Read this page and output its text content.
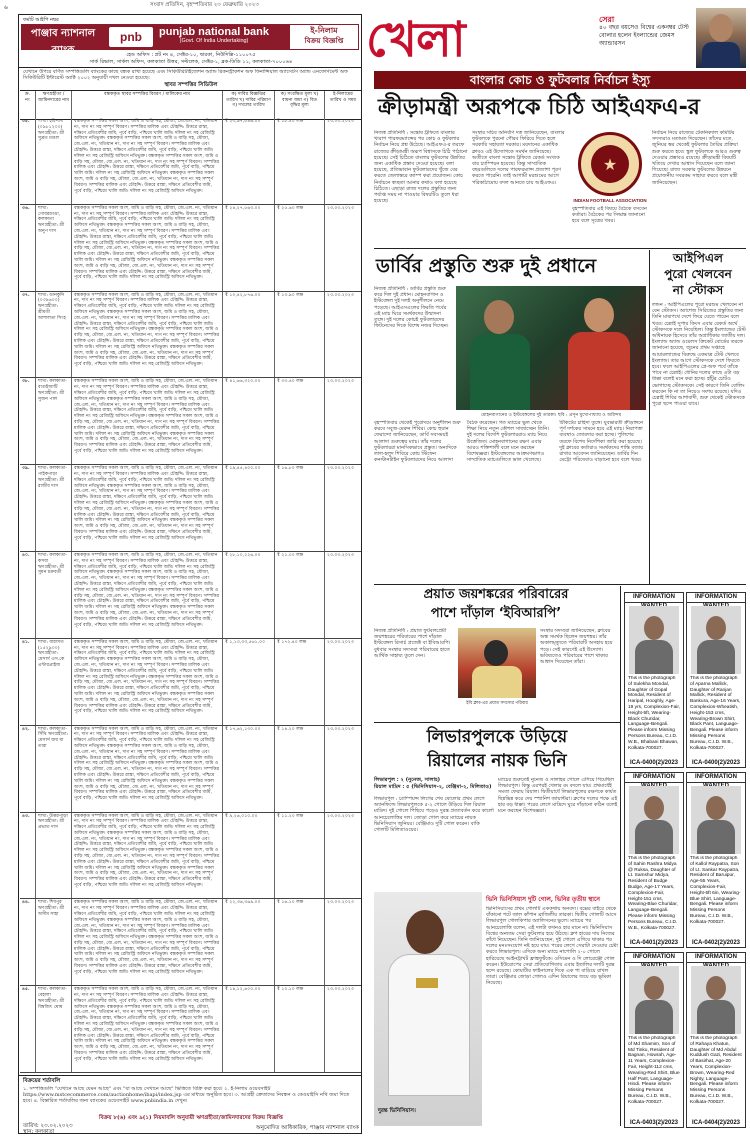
৬	সংবাদ প্রতিদিন, বৃহস্পতিবার ২৩ ফেব্রুয়ারি ২০২৩
ফর্মাট আইপি নম্বর
পাঞ্জাব ন্যাশনাল ব্যাংক
(ভারত সরকার-এর উদ্যোগ)
pnb punjab national bank
(Govt. Of India Undertaking)
ই-নিলাম
বিক্রয় বিজ্ঞপ্তি
হেড অফিস : প্লট নং ৪, সেক্টর-১০, দ্বারকা, নিউদিল্লি-১১০০৭৫
সার্ক রিভাল, সার্কল অফিস, কলকাতা উত্তর, সল্টলেক, সেক্টর-১, ব্লক-ডিডি ১১, কলকাতা-৭০০০৬৪
যেখানে উপরে বর্ণিত সম্পত্তিগুলি ব্যাংকের কাছে বন্ধক রাখা হয়েছে এবং সিকিউরিটাইজেশন অ্যান্ড রিকনস্ট্রাকশন অফ ফিনান্সিয়াল অ্যাসেটস অ্যান্ড এনফোর্সমেন্ট অফ সিকিউরিটি ইন্টারেস্ট অ্যাক্ট ২০০২ অনুযায়ী দখল নেওয়া হয়েছে।
স্থাবর সম্পত্তির সিডিউল
ক্র. নং
ঋণগ্রহীতা / জামিনদারের নাম
বন্ধককৃত স্থাবর সম্পত্তির বিবরণ / মালিকের নাম	ক) দাবির বিজ্ঞপ্তির তারিখ খ) দাবির পরিমাণ গ) দখলের তারিখ
ক) সংরক্ষিত মূল্য খ) বায়না জমা গ) বিড বৃদ্ধির মূল্য
ই-নিলামের তারিখ ও সময়
৩৫.	শাখা: হরিপাল (০৯৮১২০০) ঋণগ্রহীতা: শ্রী সুব্রত মণ্ডল
বন্ধককৃত সম্পত্তির সকল অংশ, জমি ও বাড়ি সহ, মৌজা, জে.এল. নং, খতিয়ান নং, দাগ নং সহ সম্পূর্ণ বিবরণ। সম্পত্তির মালিক এবং চৌহদ্দি: উত্তরে রাস্তা, দক্ষিণে প্রতিবেশীর জমি, পূর্বে বাড়ি, পশ্চিমে খালি জমি। দলিল নং সহ রেজিস্ট্রি অফিসে নথিভুক্ত। বন্ধককৃত সম্পত্তির সকল অংশ, জমি ও বাড়ি সহ, মৌজা, জে.এল. নং, খতিয়ান নং, দাগ নং সহ সম্পূর্ণ বিবরণ। সম্পত্তির মালিক এবং চৌহদ্দি: উত্তরে রাস্তা, দক্ষিণে প্রতিবেশীর জমি, পূর্বে বাড়ি, পশ্চিমে খালি জমি। দলিল নং সহ রেজিস্ট্রি অফিসে নথিভুক্ত। বন্ধককৃত সম্পত্তির সকল অংশ, জমি ও বাড়ি সহ, মৌজা, জে.এল. নং, খতিয়ান নং, দাগ নং সহ সম্পূর্ণ বিবরণ। সম্পত্তির মালিক এবং চৌহদ্দি: উত্তরে রাস্তা, দক্ষিণে প্রতিবেশীর জমি, পূর্বে বাড়ি, পশ্চিমে খালি জমি। দলিল নং সহ রেজিস্ট্রি অফিসে নথিভুক্ত। বন্ধককৃত সম্পত্তির সকল অংশ, জমি ও বাড়ি সহ, মৌজা, জে.এল. নং, খতিয়ান নং, দাগ নং সহ সম্পূর্ণ বিবরণ। সম্পত্তির মালিক এবং চৌহদ্দি: উত্তরে রাস্তা, দক্ষিণে প্রতিবেশীর জমি, পূর্বে বাড়ি, পশ্চিমে খালি জমি। দলিল নং সহ রেজিস্ট্রি অফিসে নথিভুক্ত।
₹ ২৩,৯৭,৫৪৬.০০	₹ ১৮.৫০ লক্ষ	২৩.০৩.২০২৩
৩৬.	শাখা: গোবরডাঙা, কলকাতা ঋণগ্রহীতা: শ্রী অনুপ দাস
বন্ধককৃত সম্পত্তির সকল অংশ, জমি ও বাড়ি সহ, মৌজা, জে.এল. নং, খতিয়ান নং, দাগ নং সহ সম্পূর্ণ বিবরণ। সম্পত্তির মালিক এবং চৌহদ্দি: উত্তরে রাস্তা, দক্ষিণে প্রতিবেশীর জমি, পূর্বে বাড়ি, পশ্চিমে খালি জমি। দলিল নং সহ রেজিস্ট্রি অফিসে নথিভুক্ত। বন্ধককৃত সম্পত্তির সকল অংশ, জমি ও বাড়ি সহ, মৌজা, জে.এল. নং, খতিয়ান নং, দাগ নং সহ সম্পূর্ণ বিবরণ। সম্পত্তির মালিক এবং চৌহদ্দি: উত্তরে রাস্তা, দক্ষিণে প্রতিবেশীর জমি, পূর্বে বাড়ি, পশ্চিমে খালি জমি। দলিল নং সহ রেজিস্ট্রি অফিসে নথিভুক্ত। বন্ধককৃত সম্পত্তির সকল অংশ, জমি ও বাড়ি সহ, মৌজা, জে.এল. নং, খতিয়ান নং, দাগ নং সহ সম্পূর্ণ বিবরণ। সম্পত্তির মালিক এবং চৌহদ্দি: উত্তরে রাস্তা, দক্ষিণে প্রতিবেশীর জমি, পূর্বে বাড়ি, পশ্চিমে খালি জমি। দলিল নং সহ রেজিস্ট্রি অফিসে নথিভুক্ত। বন্ধককৃত সম্পত্তির সকল অংশ, জমি ও বাড়ি সহ, মৌজা, জে.এল. নং, খতিয়ান নং, দাগ নং সহ সম্পূর্ণ বিবরণ। সম্পত্তির মালিক এবং চৌহদ্দি: উত্তরে রাস্তা, দক্ষিণে প্রতিবেশীর জমি, পূর্বে বাড়ি, পশ্চিমে খালি জমি। দলিল নং সহ রেজিস্ট্রি অফিসে নথিভুক্ত।
₹ ২৪,২৭,৫৬৩.০০	₹ ২৫.৬০ লক্ষ	২৩.০৩.২০২৩
৩৭.	শাখা: ডানকুনি (০৩৯৬০০) ঋণগ্রহীতা: শ্রীমতী আশালতা সিংহ
বন্ধককৃত সম্পত্তির সকল অংশ, জমি ও বাড়ি সহ, মৌজা, জে.এল. নং, খতিয়ান নং, দাগ নং সহ সম্পূর্ণ বিবরণ। সম্পত্তির মালিক এবং চৌহদ্দি: উত্তরে রাস্তা, দক্ষিণে প্রতিবেশীর জমি, পূর্বে বাড়ি, পশ্চিমে খালি জমি। দলিল নং সহ রেজিস্ট্রি অফিসে নথিভুক্ত। বন্ধককৃত সম্পত্তির সকল অংশ, জমি ও বাড়ি সহ, মৌজা, জে.এল. নং, খতিয়ান নং, দাগ নং সহ সম্পূর্ণ বিবরণ। সম্পত্তির মালিক এবং চৌহদ্দি: উত্তরে রাস্তা, দক্ষিণে প্রতিবেশীর জমি, পূর্বে বাড়ি, পশ্চিমে খালি জমি। দলিল নং সহ রেজিস্ট্রি অফিসে নথিভুক্ত। বন্ধককৃত সম্পত্তির সকল অংশ, জমি ও বাড়ি সহ, মৌজা, জে.এল. নং, খতিয়ান নং, দাগ নং সহ সম্পূর্ণ বিবরণ। সম্পত্তির মালিক এবং চৌহদ্দি: উত্তরে রাস্তা, দক্ষিণে প্রতিবেশীর জমি, পূর্বে বাড়ি, পশ্চিমে খালি জমি। দলিল নং সহ রেজিস্ট্রি অফিসে নথিভুক্ত। বন্ধককৃত সম্পত্তির সকল অংশ, জমি ও বাড়ি সহ, মৌজা, জে.এল. নং, খতিয়ান নং, দাগ নং সহ সম্পূর্ণ বিবরণ। সম্পত্তির মালিক এবং চৌহদ্দি: উত্তরে রাস্তা, দক্ষিণে প্রতিবেশীর জমি, পূর্বে বাড়ি, পশ্চিমে খালি জমি। দলিল নং সহ রেজিস্ট্রি অফিসে নথিভুক্ত।
₹ ১০,৪২,৮৭৬.০০	₹ ১৩.৯০ লক্ষ	২৩.০৩.২০২৩
৩৮.	শাখা: কলকাতা-বাগুইআটি ঋণগ্রহীতা: শ্রী সুজন পাল
বন্ধককৃত সম্পত্তির সকল অংশ, জমি ও বাড়ি সহ, মৌজা, জে.এল. নং, খতিয়ান নং, দাগ নং সহ সম্পূর্ণ বিবরণ। সম্পত্তির মালিক এবং চৌহদ্দি: উত্তরে রাস্তা, দক্ষিণে প্রতিবেশীর জমি, পূর্বে বাড়ি, পশ্চিমে খালি জমি। দলিল নং সহ রেজিস্ট্রি অফিসে নথিভুক্ত। বন্ধককৃত সম্পত্তির সকল অংশ, জমি ও বাড়ি সহ, মৌজা, জে.এল. নং, খতিয়ান নং, দাগ নং সহ সম্পূর্ণ বিবরণ। সম্পত্তির মালিক এবং চৌহদ্দি: উত্তরে রাস্তা, দক্ষিণে প্রতিবেশীর জমি, পূর্বে বাড়ি, পশ্চিমে খালি জমি। দলিল নং সহ রেজিস্ট্রি অফিসে নথিভুক্ত। বন্ধককৃত সম্পত্তির সকল অংশ, জমি ও বাড়ি সহ, মৌজা, জে.এল. নং, খতিয়ান নং, দাগ নং সহ সম্পূর্ণ বিবরণ। সম্পত্তির মালিক এবং চৌহদ্দি: উত্তরে রাস্তা, দক্ষিণে প্রতিবেশীর জমি, পূর্বে বাড়ি, পশ্চিমে খালি জমি। দলিল নং সহ রেজিস্ট্রি অফিসে নথিভুক্ত। বন্ধককৃত সম্পত্তির সকল অংশ, জমি ও বাড়ি সহ, মৌজা, জে.এল. নং, খতিয়ান নং, দাগ নং সহ সম্পূর্ণ বিবরণ। সম্পত্তির মালিক এবং চৌহদ্দি: উত্তরে রাস্তা, দক্ষিণে প্রতিবেশীর জমি, পূর্বে বাড়ি, পশ্চিমে খালি জমি। দলিল নং সহ রেজিস্ট্রি অফিসে নথিভুক্ত।
₹ ৪১,৬৬,৩২০.০০	₹ ৩৩.৪০ লক্ষ	২৩.০৩.২০২৩
৩৯.	শাখা: কলকাতা-পাইকপাড়া ঋণগ্রহীতা: শ্রী রাজীব দাস
বন্ধককৃত সম্পত্তির সকল অংশ, জমি ও বাড়ি সহ, মৌজা, জে.এল. নং, খতিয়ান নং, দাগ নং সহ সম্পূর্ণ বিবরণ। সম্পত্তির মালিক এবং চৌহদ্দি: উত্তরে রাস্তা, দক্ষিণে প্রতিবেশীর জমি, পূর্বে বাড়ি, পশ্চিমে খালি জমি। দলিল নং সহ রেজিস্ট্রি অফিসে নথিভুক্ত। বন্ধককৃত সম্পত্তির সকল অংশ, জমি ও বাড়ি সহ, মৌজা, জে.এল. নং, খতিয়ান নং, দাগ নং সহ সম্পূর্ণ বিবরণ। সম্পত্তির মালিক এবং চৌহদ্দি: উত্তরে রাস্তা, দক্ষিণে প্রতিবেশীর জমি, পূর্বে বাড়ি, পশ্চিমে খালি জমি। দলিল নং সহ রেজিস্ট্রি অফিসে নথিভুক্ত। বন্ধককৃত সম্পত্তির সকল অংশ, জমি ও বাড়ি সহ, মৌজা, জে.এল. নং, খতিয়ান নং, দাগ নং সহ সম্পূর্ণ বিবরণ। সম্পত্তির মালিক এবং চৌহদ্দি: উত্তরে রাস্তা, দক্ষিণে প্রতিবেশীর জমি, পূর্বে বাড়ি, পশ্চিমে খালি জমি। দলিল নং সহ রেজিস্ট্রি অফিসে নথিভুক্ত। বন্ধককৃত সম্পত্তির সকল অংশ, জমি ও বাড়ি সহ, মৌজা, জে.এল. নং, খতিয়ান নং, দাগ নং সহ সম্পূর্ণ বিবরণ। সম্পত্তির মালিক এবং চৌহদ্দি: উত্তরে রাস্তা, দক্ষিণে প্রতিবেশীর জমি, পূর্বে বাড়ি, পশ্চিমে খালি জমি। দলিল নং সহ রেজিস্ট্রি অফিসে নথিভুক্ত।
₹ ১৯,৪৫,৪০০.০০	₹ ১৬.৮০ লক্ষ	২৩.০৩.২০২৩
৪০.	শাখা: কলকাতা-কসবা ঋণগ্রহীতা: শ্রী সুমন চক্রবর্তী
বন্ধককৃত সম্পত্তির সকল অংশ, জমি ও বাড়ি সহ, মৌজা, জে.এল. নং, খতিয়ান নং, দাগ নং সহ সম্পূর্ণ বিবরণ। সম্পত্তির মালিক এবং চৌহদ্দি: উত্তরে রাস্তা, দক্ষিণে প্রতিবেশীর জমি, পূর্বে বাড়ি, পশ্চিমে খালি জমি। দলিল নং সহ রেজিস্ট্রি অফিসে নথিভুক্ত। বন্ধককৃত সম্পত্তির সকল অংশ, জমি ও বাড়ি সহ, মৌজা, জে.এল. নং, খতিয়ান নং, দাগ নং সহ সম্পূর্ণ বিবরণ। সম্পত্তির মালিক এবং চৌহদ্দি: উত্তরে রাস্তা, দক্ষিণে প্রতিবেশীর জমি, পূর্বে বাড়ি, পশ্চিমে খালি জমি। দলিল নং সহ রেজিস্ট্রি অফিসে নথিভুক্ত। বন্ধককৃত সম্পত্তির সকল অংশ, জমি ও বাড়ি সহ, মৌজা, জে.এল. নং, খতিয়ান নং, দাগ নং সহ সম্পূর্ণ বিবরণ। সম্পত্তির মালিক এবং চৌহদ্দি: উত্তরে রাস্তা, দক্ষিণে প্রতিবেশীর জমি, পূর্বে বাড়ি, পশ্চিমে খালি জমি। দলিল নং সহ রেজিস্ট্রি অফিসে নথিভুক্ত। বন্ধককৃত সম্পত্তির সকল অংশ, জমি ও বাড়ি সহ, মৌজা, জে.এল. নং, খতিয়ান নং, দাগ নং সহ সম্পূর্ণ বিবরণ। সম্পত্তির মালিক এবং চৌহদ্দি: উত্তরে রাস্তা, দক্ষিণে প্রতিবেশীর জমি, পূর্বে বাড়ি, পশ্চিমে খালি জমি। দলিল নং সহ রেজিস্ট্রি অফিসে নথিভুক্ত।
₹ ২৮,১০,২২৬.০০	₹ ২১.০০ লক্ষ	২৩.০৩.২০২৩
৪১.	শাখা: বারাসত (১৫২৯০০) ঋণগ্রহীতা: মেসার্স এস.কে এন্টারপ্রাইজ
বন্ধককৃত সম্পত্তির সকল অংশ, জমি ও বাড়ি সহ, মৌজা, জে.এল. নং, খতিয়ান নং, দাগ নং সহ সম্পূর্ণ বিবরণ। সম্পত্তির মালিক এবং চৌহদ্দি: উত্তরে রাস্তা, দক্ষিণে প্রতিবেশীর জমি, পূর্বে বাড়ি, পশ্চিমে খালি জমি। দলিল নং সহ রেজিস্ট্রি অফিসে নথিভুক্ত। বন্ধককৃত সম্পত্তির সকল অংশ, জমি ও বাড়ি সহ, মৌজা, জে.এল. নং, খতিয়ান নং, দাগ নং সহ সম্পূর্ণ বিবরণ। সম্পত্তির মালিক এবং চৌহদ্দি: উত্তরে রাস্তা, দক্ষিণে প্রতিবেশীর জমি, পূর্বে বাড়ি, পশ্চিমে খালি জমি। দলিল নং সহ রেজিস্ট্রি অফিসে নথিভুক্ত। বন্ধককৃত সম্পত্তির সকল অংশ, জমি ও বাড়ি সহ, মৌজা, জে.এল. নং, খতিয়ান নং, দাগ নং সহ সম্পূর্ণ বিবরণ। সম্পত্তির মালিক এবং চৌহদ্দি: উত্তরে রাস্তা, দক্ষিণে প্রতিবেশীর জমি, পূর্বে বাড়ি, পশ্চিমে খালি জমি। দলিল নং সহ রেজিস্ট্রি অফিসে নথিভুক্ত। বন্ধককৃত সম্পত্তির সকল অংশ, জমি ও বাড়ি সহ, মৌজা, জে.এল. নং, খতিয়ান নং, দাগ নং সহ সম্পূর্ণ বিবরণ। সম্পত্তির মালিক এবং চৌহদ্দি: উত্তরে রাস্তা, দক্ষিণে প্রতিবেশীর জমি, পূর্বে বাড়ি, পশ্চিমে খালি জমি। দলিল নং সহ রেজিস্ট্রি অফিসে নথিভুক্ত।
₹ ১,১৩,৩৩,৫৬১.০০	₹ ১৭২.৪০ লক্ষ	২৩.০৩.২০২৩
৪২.	শাখা: কলকাতা-সিঁথি ঋণগ্রহীতা: মেসার্স জয় মা তারা
বন্ধককৃত সম্পত্তির সকল অংশ, জমি ও বাড়ি সহ, মৌজা, জে.এল. নং, খতিয়ান নং, দাগ নং সহ সম্পূর্ণ বিবরণ। সম্পত্তির মালিক এবং চৌহদ্দি: উত্তরে রাস্তা, দক্ষিণে প্রতিবেশীর জমি, পূর্বে বাড়ি, পশ্চিমে খালি জমি। দলিল নং সহ রেজিস্ট্রি অফিসে নথিভুক্ত। বন্ধককৃত সম্পত্তির সকল অংশ, জমি ও বাড়ি সহ, মৌজা, জে.এল. নং, খতিয়ান নং, দাগ নং সহ সম্পূর্ণ বিবরণ। সম্পত্তির মালিক এবং চৌহদ্দি: উত্তরে রাস্তা, দক্ষিণে প্রতিবেশীর জমি, পূর্বে বাড়ি, পশ্চিমে খালি জমি। দলিল নং সহ রেজিস্ট্রি অফিসে নথিভুক্ত। বন্ধককৃত সম্পত্তির সকল অংশ, জমি ও বাড়ি সহ, মৌজা, জে.এল. নং, খতিয়ান নং, দাগ নং সহ সম্পূর্ণ বিবরণ। সম্পত্তির মালিক এবং চৌহদ্দি: উত্তরে রাস্তা, দক্ষিণে প্রতিবেশীর জমি, পূর্বে বাড়ি, পশ্চিমে খালি জমি। দলিল নং সহ রেজিস্ট্রি অফিসে নথিভুক্ত। বন্ধককৃত সম্পত্তির সকল অংশ, জমি ও বাড়ি সহ, মৌজা, জে.এল. নং, খতিয়ান নং, দাগ নং সহ সম্পূর্ণ বিবরণ। সম্পত্তির মালিক এবং চৌহদ্দি: উত্তরে রাস্তা, দক্ষিণে প্রতিবেশীর জমি, পূর্বে বাড়ি, পশ্চিমে খালি জমি। দলিল নং সহ রেজিস্ট্রি অফিসে নথিভুক্ত।
₹ ১৭,৬২,১৩০.০০	₹ ১৪.২০ লক্ষ	২৩.০৩.২০২৩
৪৩.	শাখা: উত্তরপাড়া ঋণগ্রহীতা: শ্রী প্রভাত দাস
বন্ধককৃত সম্পত্তির সকল অংশ, জমি ও বাড়ি সহ, মৌজা, জে.এল. নং, খতিয়ান নং, দাগ নং সহ সম্পূর্ণ বিবরণ। সম্পত্তির মালিক এবং চৌহদ্দি: উত্তরে রাস্তা, দক্ষিণে প্রতিবেশীর জমি, পূর্বে বাড়ি, পশ্চিমে খালি জমি। দলিল নং সহ রেজিস্ট্রি অফিসে নথিভুক্ত। বন্ধককৃত সম্পত্তির সকল অংশ, জমি ও বাড়ি সহ, মৌজা, জে.এল. নং, খতিয়ান নং, দাগ নং সহ সম্পূর্ণ বিবরণ। সম্পত্তির মালিক এবং চৌহদ্দি: উত্তরে রাস্তা, দক্ষিণে প্রতিবেশীর জমি, পূর্বে বাড়ি, পশ্চিমে খালি জমি। দলিল নং সহ রেজিস্ট্রি অফিসে নথিভুক্ত। বন্ধককৃত সম্পত্তির সকল অংশ, জমি ও বাড়ি সহ, মৌজা, জে.এল. নং, খতিয়ান নং, দাগ নং সহ সম্পূর্ণ বিবরণ। সম্পত্তির মালিক এবং চৌহদ্দি: উত্তরে রাস্তা, দক্ষিণে প্রতিবেশীর জমি, পূর্বে বাড়ি, পশ্চিমে খালি জমি। দলিল নং সহ রেজিস্ট্রি অফিসে নথিভুক্ত। বন্ধককৃত সম্পত্তির সকল অংশ, জমি ও বাড়ি সহ, মৌজা, জে.এল. নং, খতিয়ান নং, দাগ নং সহ সম্পূর্ণ বিবরণ। সম্পত্তির মালিক এবং চৌহদ্দি: উত্তরে রাস্তা, দক্ষিণে প্রতিবেশীর জমি, পূর্বে বাড়ি, পশ্চিমে খালি জমি। দলিল নং সহ রেজিস্ট্রি অফিসে নথিভুক্ত।
₹ ৯,২৬,০১০.০০	₹ ১১.২০ লক্ষ	২৩.০৩.২০২৩
৪৪.	শাখা: শিবপুর ঋণগ্রহীতা: শ্রী অসীম সাহা
বন্ধককৃত সম্পত্তির সকল অংশ, জমি ও বাড়ি সহ, মৌজা, জে.এল. নং, খতিয়ান নং, দাগ নং সহ সম্পূর্ণ বিবরণ। সম্পত্তির মালিক এবং চৌহদ্দি: উত্তরে রাস্তা, দক্ষিণে প্রতিবেশীর জমি, পূর্বে বাড়ি, পশ্চিমে খালি জমি। দলিল নং সহ রেজিস্ট্রি অফিসে নথিভুক্ত। বন্ধককৃত সম্পত্তির সকল অংশ, জমি ও বাড়ি সহ, মৌজা, জে.এল. নং, খতিয়ান নং, দাগ নং সহ সম্পূর্ণ বিবরণ। সম্পত্তির মালিক এবং চৌহদ্দি: উত্তরে রাস্তা, দক্ষিণে প্রতিবেশীর জমি, পূর্বে বাড়ি, পশ্চিমে খালি জমি। দলিল নং সহ রেজিস্ট্রি অফিসে নথিভুক্ত। বন্ধককৃত সম্পত্তির সকল অংশ, জমি ও বাড়ি সহ, মৌজা, জে.এল. নং, খতিয়ান নং, দাগ নং সহ সম্পূর্ণ বিবরণ। সম্পত্তির মালিক এবং চৌহদ্দি: উত্তরে রাস্তা, দক্ষিণে প্রতিবেশীর জমি, পূর্বে বাড়ি, পশ্চিমে খালি জমি। দলিল নং সহ রেজিস্ট্রি অফিসে নথিভুক্ত। বন্ধককৃত সম্পত্তির সকল অংশ, জমি ও বাড়ি সহ, মৌজা, জে.এল. নং, খতিয়ান নং, দাগ নং সহ সম্পূর্ণ বিবরণ। সম্পত্তির মালিক এবং চৌহদ্দি: উত্তরে রাস্তা, দক্ষিণে প্রতিবেশীর জমি, পূর্বে বাড়ি, পশ্চিমে খালি জমি। দলিল নং সহ রেজিস্ট্রি অফিসে নথিভুক্ত।
₹ ২২,৩৬,৩৬৯.০০	₹ ১৬.১০ লক্ষ	২৩.০৩.২০২৩
৪৫.	শাখা: কলকাতা-বেহালা ঋণগ্রহীতা: শ্রী বিশ্বজিৎ ঘোষ
বন্ধককৃত সম্পত্তির সকল অংশ, জমি ও বাড়ি সহ, মৌজা, জে.এল. নং, খতিয়ান নং, দাগ নং সহ সম্পূর্ণ বিবরণ। সম্পত্তির মালিক এবং চৌহদ্দি: উত্তরে রাস্তা, দক্ষিণে প্রতিবেশীর জমি, পূর্বে বাড়ি, পশ্চিমে খালি জমি। দলিল নং সহ রেজিস্ট্রি অফিসে নথিভুক্ত। বন্ধককৃত সম্পত্তির সকল অংশ, জমি ও বাড়ি সহ, মৌজা, জে.এল. নং, খতিয়ান নং, দাগ নং সহ সম্পূর্ণ বিবরণ। সম্পত্তির মালিক এবং চৌহদ্দি: উত্তরে রাস্তা, দক্ষিণে প্রতিবেশীর জমি, পূর্বে বাড়ি, পশ্চিমে খালি জমি। দলিল নং সহ রেজিস্ট্রি অফিসে নথিভুক্ত। বন্ধককৃত সম্পত্তির সকল অংশ, জমি ও বাড়ি সহ, মৌজা, জে.এল. নং, খতিয়ান নং, দাগ নং সহ সম্পূর্ণ বিবরণ। সম্পত্তির মালিক এবং চৌহদ্দি: উত্তরে রাস্তা, দক্ষিণে প্রতিবেশীর জমি, পূর্বে বাড়ি, পশ্চিমে খালি জমি। দলিল নং সহ রেজিস্ট্রি অফিসে নথিভুক্ত। বন্ধককৃত সম্পত্তির সকল অংশ, জমি ও বাড়ি সহ, মৌজা, জে.এল. নং, খতিয়ান নং, দাগ নং সহ সম্পূর্ণ বিবরণ। সম্পত্তির মালিক এবং চৌহদ্দি: উত্তরে রাস্তা, দক্ষিণে প্রতিবেশীর জমি, পূর্বে বাড়ি, পশ্চিমে খালি জমি। দলিল নং সহ রেজিস্ট্রি অফিসে নথিভুক্ত।
₹ ১৪,১২,৬০০.০০	₹ ১০.১০ লক্ষ	২৩.০৩.২০২৩
বিক্রয়ের শর্তাবলি
১. সম্পত্তিগুলি "যেখানে আছে যেমন আছে" এবং "যা আছে সেখানে আছে" ভিত্তিতে বিক্রি করা হবে। ২. ই-নিলাম ওয়েবসাইট https://www.mstcecommerce.com/auctionhome/ibapi/index.jsp এর মাধ্যমে অনুষ্ঠিত হবে। ৩. আগ্রহী ক্রেতাদের নিবন্ধন ও কেওয়াইসি নথি জমা দিতে হবে। ৪. বিস্তারিত শর্তাবলির জন্য ব্যাংকের ওয়েবসাইট www.pnbindia.in দেখুন।
বিক্রয় ৮(৬) এবং ৯(১) নিয়মাবলি অনুযায়ী ঋণগ্রহীতা/জামিনদারদের বিক্রয় বিজ্ঞপ্তি
তারিখ: ২৩.০২.২০২৩
স্থান: কলকাতা
অনুমোদিত আধিকারিক, পাঞ্জাব ন্যাশনাল ব্যাংক
খেলা	সেরা
৪০ বছর বয়সেও বিশ্বের একনম্বর টেস্ট বোলার হলেন ইংল্যান্ডের জেমস অ্যান্ডারসন
বাংলার কোচ ও ফুটবলার নির্বাচন ইস্যু
ক্রীড়ামন্ত্রী অরূপকে চিঠি আইএফএ-র
নিজস্ব প্রতিনিধি : সন্তোষ ট্রফিতে বাংলার খারাপ পারফরম্যান্সের পর কোচ ও ফুটবলার নির্বাচন নিয়ে প্রশ্ন উঠেছে। আইএফএ-র তরফে রাজ্যের ক্রীড়ামন্ত্রী অরূপ বিশ্বাসকে চিঠি পাঠানো হয়েছে। সেই চিঠিতে বাংলার ফুটবলের উন্নতির জন্য একাধিক প্রস্তাব দেওয়া হয়েছে। বলা হয়েছে, প্রতিভাবান ফুটবলারদের খুঁজে বের করতে জেলাস্তরে ক্যাম্প করা প্রয়োজন। কোচ নির্বাচনে স্বচ্ছতা আনার কথাও বলা হয়েছে চিঠিতে। এছাড়া রাজ্য দলের প্রস্তুতির জন্য পর্যাপ্ত সময় না পাওয়ার বিষয়টিও তুলে ধরা হয়েছে।
সংস্থার সচিব অনির্বাণ দত্ত জানিয়েছেন, বাংলার ফুটবলকে পুরনো গৌরব ফিরিয়ে দিতে হলে সরকারি সহায়তা দরকার। ময়দানের একাধিক ক্লাবও এই উদ্যোগকে সমর্থন জানিয়েছে। অতীতে বাংলা সন্তোষ ট্রফিতে রেকর্ড সংখ্যক বার চ্যাম্পিয়ন হয়েছে। কিন্তু সাম্প্রতিক বছরগুলিতে দলের পারফরম্যান্স প্রত্যাশা পূরণ করতে পারেনি। তাই আগামী মরশুমের আগে পরিকাঠামোয় বদল আনতে চায় আইএফএ।
★
INDIAN FOOTBALL ASSOCIATION
বৃহস্পতিবার এই বিষয়ে বৈঠকে বসবেন কর্তারা। বৈঠকের পর সিদ্ধান্ত জানানো হবে বলে সূত্রের খবর।
নির্বাচন নিয়ে রাজ্যের টেকনিক্যাল কমিটির সদস্যরাও মতামত দিয়েছেন। তাঁদের মতে, জুনিয়র স্তর থেকেই ফুটবলার তৈরির প্রক্রিয়া শুরু করতে হবে। স্কুল ফুটবলকে আরও গুরুত্ব দেওয়ার প্রস্তাবও রয়েছে। ক্রীড়ামন্ত্রী বিষয়টি খতিয়ে দেখার আশ্বাস দিয়েছেন বলে জানা গিয়েছে। রাজ্য সরকার ফুটবলের উন্নয়নে প্রয়োজনীয় সবরকম সাহায্য করবে বলে মন্ত্রী জানিয়েছেন।
ডার্বির প্রস্তুতি শুরু দুই প্রধানে
নিজস্ব প্রতিনিধি : ডার্বির প্রস্তুতি শুরু করে দিল দুই প্রধান। মোহনবাগান ও ইস্টবেঙ্গল দুই দলই অনুশীলনে নেমে পড়েছে। আইএসএলের ফিরতি পর্বের এই ম্যাচ ঘিরে সমর্থকদের উন্মাদনা তুঙ্গে। দুই দলের কোচই ফুটবলারদের ফিটনেসের দিকে বিশেষ নজর দিচ্ছেন।
মোহনবাগানের ও ইস্টবেঙ্গলের দুই তারকা। ছবি : প্রসূন মুখোপাধ্যায় ও অরিন্দম
আইপিএল
পুরো খেলবেন
না স্টোকস
লন্ডন : আইপিএলের পুরো মরশুম খেলবেন না বেন স্টোকস। অ্যাশেজ সিরিজের প্রস্তুতির জন্য তিনি মাঝপথে দেশে ফিরে যেতে পারেন বলে খবর। চেন্নাই সুপার কিংস এবার রেকর্ড অর্থে স্টোকসকে দলে নিয়েছিল। কিন্তু ইংল্যান্ডের টেস্ট অধিনায়ক হিসেবে তাঁর অগ্রাধিকার জাতীয় দল। ইংল্যান্ড অ্যান্ড ওয়েলস ক্রিকেট বোর্ডের তরফে জানানো হয়েছে, জুনের প্রথম সপ্তাহে আয়ারল্যান্ডের বিরুদ্ধে একমাত্র টেস্ট খেলবে ইংল্যান্ড। তার আগে স্টোকসকে দেশে ফিরতে হবে। ফলে আইপিএলের প্লে-অফ পর্বে তাঁকে পাবে না চেন্নাই। ধোনির দলের কাছে এটা বড় ধাক্কা বলেই মনে করা হচ্ছে। হাঁটুর চোটও ভোগাচ্ছে স্টোকসকে। সেই কারণে তিনি বোলিং করবেন কি না তা নিয়েও সংশয় রয়েছে। যদিও চেন্নাই শিবির আশাবাদী, শুরু থেকেই স্টোকসকে পুরো ছন্দে পাওয়া যাবে।
বৃহস্পতিবার থেকেই পুরোদমে অনুশীলন শুরু করবে সবুজ-মেরুন শিবির। কোচ হুয়ান ফেরান্দো জানিয়েছেন, ডার্বি সবসময়ই আলাদা গুরুত্বের ম্যাচ। তাঁর দলের ফুটবলাররা মানসিকভাবে প্রস্তুত। অন্যদিকে লাল-হলুদ শিবিরে কোচ স্টিফেন কনস্টানটাইন ফুটবলারদের নিয়ে আলাদা বৈঠক করেছেন। গত ম্যাচের ভুল থেকে শিক্ষা নিয়ে নতুন কৌশল সাজাচ্ছেন তিনি। দুই দলের বিদেশি ফুটবলাররাও ম্যাচ নিয়ে উত্তেজিত। মোহনবাগানের রক্ষণ এবার আরও শক্তিশালী বলে মনে করছেন বিশেষজ্ঞরা। ইস্টবেঙ্গলের আক্রমণভাগও সাম্প্রতিক ম্যাচগুলিতে ভাল খেলেছে। টিকিটের চাহিদা তুঙ্গে। যুবভারতী ক্রীড়াঙ্গনে পূর্ণ দর্শকের সামনে হবে এই ম্যাচ। নিরাপত্তা ব্যবস্থাও জোরদার করা হচ্ছে। পুলিশের তরফে বিশেষ নির্দেশিকা জারি করা হয়েছে। দুই ক্লাবের কর্তারাও সমর্থকদের শান্তি বজায় রাখার আবেদন জানিয়েছেন। ডার্বির দিন মেট্রো পরিষেবাও বাড়ানো হবে বলে খবর।
প্রয়াত জয়শঙ্করের পরিবারের
পাশে দাঁড়াল ‘ইবিআরপি’
নিজস্ব প্রতিনিধি : প্রয়াত ফুটবলপ্রেমী জয়শঙ্করের পরিবারের পাশে দাঁড়াল ইস্টবেঙ্গল রিসার্চ প্রজেক্ট বা ইবিআরপি। বুধবার সংস্থার সদস্যরা পরিবারের হাতে আর্থিক সাহায্য তুলে দেন।
ইবি ক্লাব-এর প্রয়াত সদস্যের পরিবার
সংস্থার সদস্যরা জানিয়েছেন, ক্লাবের অন্ধ সমর্থক ছিলেন জয়শঙ্কর। তাঁর অকালমৃত্যুতে পরিবারটি অসহায় হয়ে পড়ে। সেই কারণেই এই উদ্যোগ। ভবিষ্যতেও পরিবারের পাশে থাকার আশ্বাস দিয়েছেন তাঁরা।
লিভারপুলকে উড়িয়ে
রিয়ালের নায়ক ভিনি
লিভারপুল : ২ (নুনেজ, সালাহ)
রিয়াল মাদ্রিদ : ৫ (ভিনিসিয়াস-২, বেঞ্জিমা-২, মিলিতাও)
লিভারপুল : চ্যাম্পিয়ন্স লিগের শেষ ষোলোর প্রথম লেগে অ্যানফিল্ডে লিভারপুলকে ৫-২ গোলে উড়িয়ে দিল রিয়াল মাদ্রিদ। দুই গোলে পিছিয়ে পড়েও দুরন্ত প্রত্যাবর্তন করে কার্লো আনচেলোত্তির দল। জোড়া গোল করে ম্যাচের নায়ক ভিনিসিয়াস জুনিয়র। বেঞ্জিমাও দুটি গোল করেন। বাকি গোলটি মিলিতাওয়ের।
ম্যাচের শুরুতেই নুনেজ ও সালাহর গোলে এগিয়ে গিয়েছিল লিভারপুল। কিন্তু এরপরই খেলার রং বদলে যায়। প্রথমার্ধেই সমতা ফেরায় রিয়াল। দ্বিতীয়ার্ধে লিভারপুলের রক্ষণকে কার্যত ছিন্নভিন্ন করে দেয় স্প্যানিশ জায়ান্টরা। ক্লপের দলের পক্ষে এই হার বড় ধাক্কা। পরের লেগে মাদ্রিদে ঘুরে দাঁড়ানো কঠিন বলেই মনে করছেন বিশেষজ্ঞরা।
দুরন্ত ভিনিসিয়াস।
ভিনি ভিনিসিয়াস দুটি গোল, ভিনির তৃতীয় স্থানে
ভিনিসিয়াসের প্রথম গোলটি এককথায় অনবদ্য। বক্সের বাইরে থেকে বাঁকানো শটে জাল কাঁপান ব্রাজিলীয় তারকা। দ্বিতীয় গোলটি আসে লিভারপুল গোলকিপার অ্যালিসনের ভুলে। ম্যাচের পর আনচেলোত্তি বলেন, এই দলটা কখনও হার মানে না। ভিনিসিয়াস বিশ্বের অন্যতম সেরা ফুটবলার হয়ে উঠছে। ক্লপ হারের দায় নিজের কাঁধে নিয়েছেন। তিনি জানিয়েছেন, দুই গোলে এগিয়ে থাকার পর দলের মনঃসংযোগ নষ্ট হয়ে যায়। পরের লেগে সেরাটা দেওয়ার চেষ্টা করবে লিভারপুল। এদিকে অন্য ম্যাচে নাপোলি ২-০ গোলে হারিয়েছে আইনট্রাখট ফ্রাঙ্কফুর্টকে। ওসিমেন ও দি লোরেঞ্জো গোল করেন। ইউরোপের সেরা প্রতিযোগিতায় এবার ইতালির দলটি দুরন্ত ছন্দে রয়েছে। কোয়ার্টার ফাইনালের দিকে এক পা বাড়িয়ে রাখল তারা। বেঞ্জিমার জোড়া গোলও এদিন রিয়ালের জয়ে বড় ভূমিকা নিয়েছে।
INFORMATION
This is the photograph of Sulekha Mondal, Daughter of Gopal Mondal, Resident of Haripal, Hooghly, Age-19 yrs, Complexion-Fair, Height-5ft, Wearing-Black Churidar, Language-Bengali. Please inform Missing Persons Bureau, C.I.D. W.B., Bhabani Bhawan, Kolkata-700027.
ICA-0400(2)/2023
INFORMATION
This is the photograph of Aparna Mallick, Daughter of Ranjan Mallick, Resident of Bankura, Age-16 Years, Complexion-Wheatish, Height-153 cms, Wearing-Brown Shirt, Black Pant, Language-Bengali. Please inform Missing Persons Bureau, C.I.D. W.B., Kolkata-700027.
ICA-0400(2)/2023
INFORMATION
This is the photograph of Sahin Rashra Midya @ Ruksa, Daughter of Lt. Samshur Midya, Resident of Budge Budge, Age-17 Years, Complexion-Fair, Height-151 cms, Wearing-Blue Churidar, Language-Bengali. Please inform Missing Persons Bureau, C.I.D. W.B., Kolkata-700027.
ICA-0401(2)/2023
INFORMATION
This is the photograph of Kallol Raypatra, Son of Lt. Sankar Raypatra, Resident of Baruipur, Age-55 Years, Complexion-Fair, Height-5ft 6in, Wearing-Blue Shirt, Language-Bengali. Please inform Missing Persons Bureau, C.I.D. W.B., Kolkata-700027.
ICA-0402(2)/2023
INFORMATION
This is the photograph of Md Shamim, Son of Md Tinku, Resident of Bagnan, Howrah, Age-11 Years, Complexion-Fair, Height-112 cms, Wearing-Red Shirt, Blue Half Pant, Language-Hindi. Please inform Missing Persons Bureau, C.I.D. W.B., Kolkata-700027.
ICA-0403(2)/2023
INFORMATION
This is the photograph of Rahaya Khatun, Daughter of Md Abdul Kuddush Gazi, Resident of Basirhat, Age-20 Years, Complexion-Brown, Wearing-Red Nighty, Language-Bengali. Please inform Missing Persons Bureau, C.I.D. W.B., Kolkata-700027.
ICA-0404(2)/2023
